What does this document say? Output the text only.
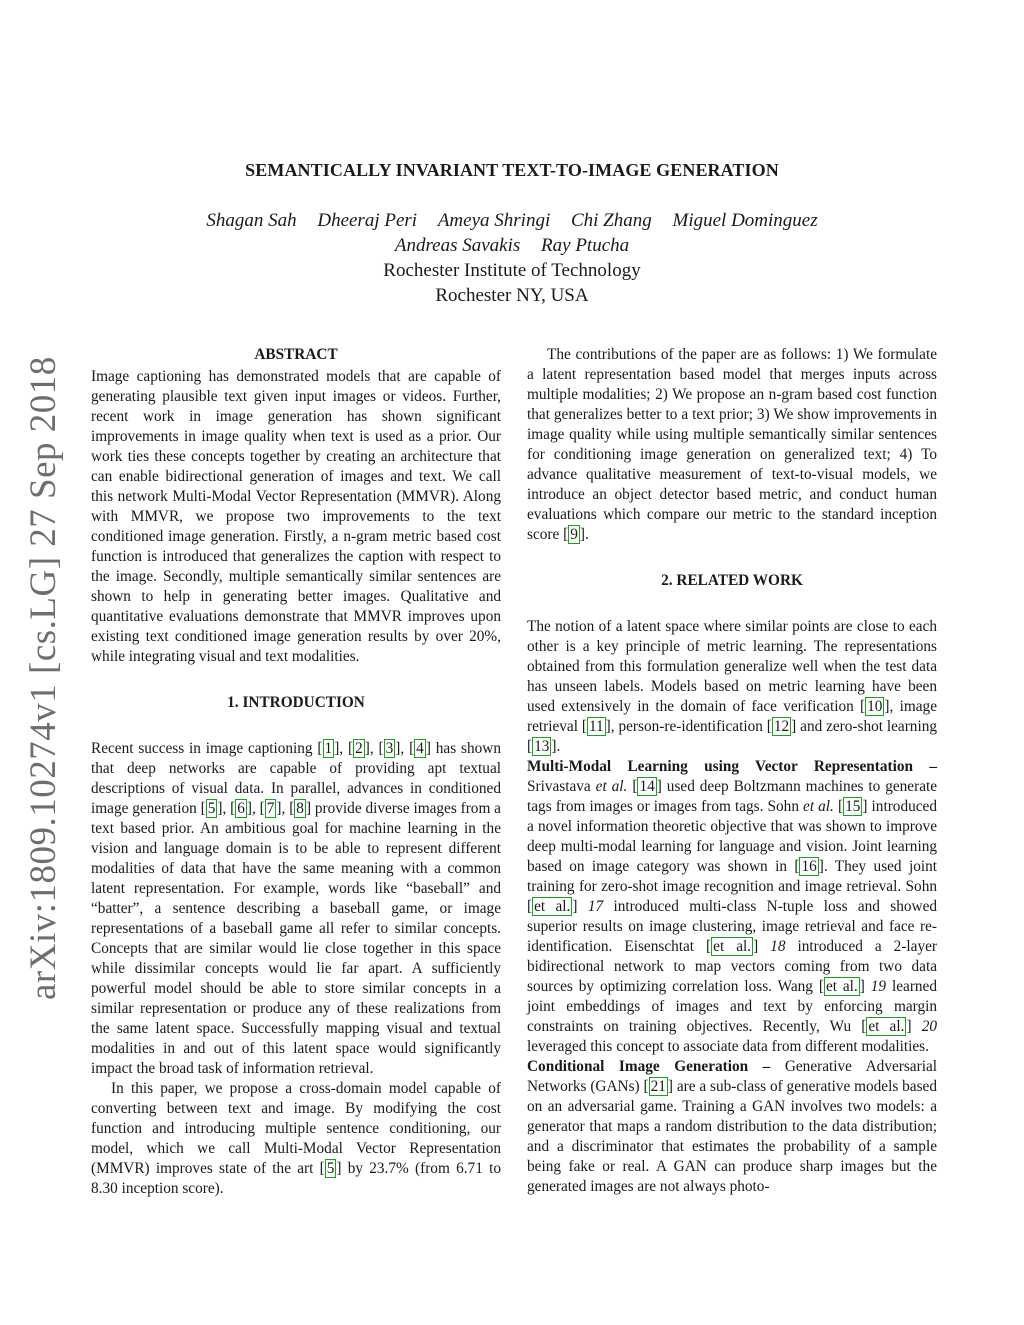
arXiv:1809.10274v1 [cs.LG] 27 Sep 2018
SEMANTICALLY INVARIANT TEXT-TO-IMAGE GENERATION
Shagan Sah Dheeraj Peri Ameya Shringi Chi Zhang Miguel Dominguez
Andreas Savakis Ray Ptucha
Rochester Institute of Technology
Rochester NY, USA
ABSTRACT

Image captioning has demonstrated models that are capable of generating plausible text given input images or videos. Further, recent work in image generation has shown significant improvements in image quality when text is used as a prior. Our work ties these concepts together by creating an architecture that can enable bidirectional generation of images and text. We call this network Multi-Modal Vector Representation (MMVR). Along with MMVR, we propose two improvements to the text conditioned image generation. Firstly, a n-gram metric based cost function is introduced that generalizes the caption with respect to the image. Secondly, multiple semantically similar sentences are shown to help in generating better images. Qualitative and quantitative evaluations demonstrate that MMVR improves upon existing text conditioned image generation results by over 20%, while integrating visual and text modalities.

1. INTRODUCTION

Recent success in image captioning [ 1 ], [ 2 ], [ 3 ], [ 4 ] has shown that deep networks are capable of providing apt textual descriptions of visual data. In parallel, advances in conditioned image generation [ 5 ], [ 6 ], [ 7 ], [ 8 ] provide diverse images from a text based prior. An ambitious goal for machine learning in the vision and language domain is to be able to represent different modalities of data that have the same meaning with a common latent representation. For example, words like “baseball” and “batter”, a sentence describing a baseball game, or image representations of a baseball game all refer to similar concepts. Concepts that are similar would lie close together in this space while dissimilar concepts would lie far apart. A sufficiently powerful model should be able to store similar concepts in a similar representation or produce any of these realizations from the same latent space. Successfully mapping visual and textual modalities in and out of this latent space would significantly impact the broad task of information retrieval.

In this paper, we propose a cross-domain model capable of converting between text and image. By modifying the cost function and introducing multiple sentence conditioning, our model, which we call Multi-Modal Vector Representation (MMVR) improves state of the art [ 5 ] by 23.7% (from 6.71 to 8.30 inception score).

The contributions of the paper are as follows: 1) We formulate a latent representation based model that merges inputs across multiple modalities; 2) We propose an n-gram based cost function that generalizes better to a text prior; 3) We show improvements in image quality while using multiple semantically similar sentences for conditioning image generation on generalized text; 4) To advance qualitative measurement of text-to-visual models, we introduce an object detector based metric, and conduct human evaluations which compare our metric to the standard inception score [ 9 ].

2. RELATED WORK

The notion of a latent space where similar points are close to each other is a key principle of metric learning. The representations obtained from this formulation generalize well when the test data has unseen labels. Models based on metric learning have been used extensively in the domain of face verification [ 10 ], image retrieval [ 11 ], person-re-identification [ 12 ] and zero-shot learning [ 13 ].

Multi-Modal Learning using Vector Representation – Srivastava et al. [ 14 ] used deep Boltzmann machines to generate tags from images or images from tags. Sohn et al. [ 15 ] introduced a novel information theoretic objective that was shown to improve deep multi-modal learning for language and vision. Joint learning based on image category was shown in [ 16 ]. They used joint training for zero-shot image recognition and image retrieval. Sohn [ et al. ] 17 introduced multi-class N-tuple loss and showed superior results on image clustering, image retrieval and face re-identification. Eisenschtat [ et al. ] 18 introduced a 2-layer bidirectional network to map vectors coming from two data sources by optimizing correlation loss. Wang [ et al. ] 19 learned joint embeddings of images and text by enforcing margin constraints on training objectives. Recently, Wu [ et al. ] 20 leveraged this concept to associate data from different modalities.

Conditional Image Generation – Generative Adversarial Networks (GANs) [ 21 ] are a sub-class of generative models based on an adversarial game. Training a GAN involves two models: a generator that maps a random distribution to the data distribution; and a discriminator that estimates the probability of a sample being fake or real. A GAN can produce sharp images but the generated images are not always photo-
